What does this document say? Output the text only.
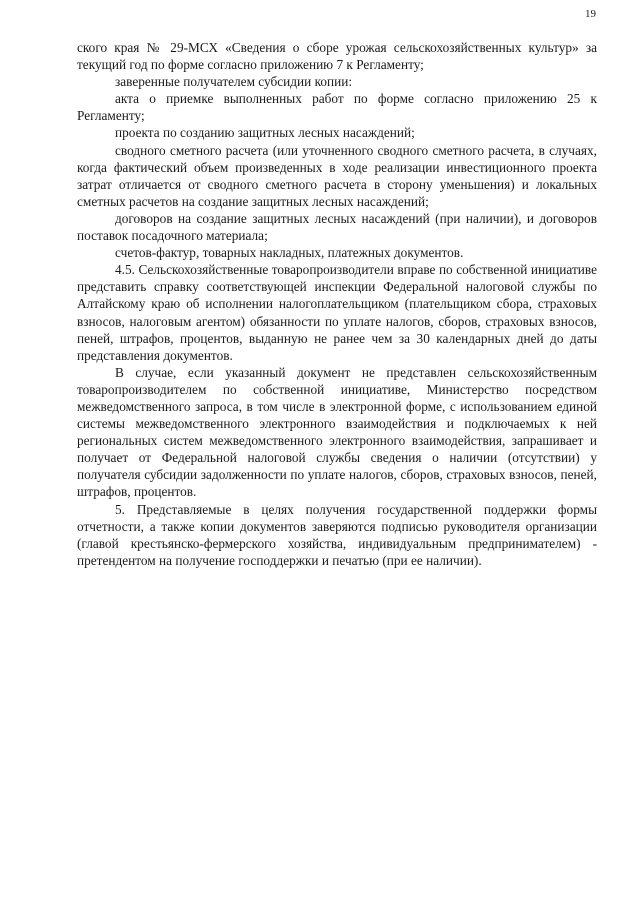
19

ского края № 29-МСХ «Сведения о сборе урожая сельскохозяйственных культур» за текущий год по форме согласно приложению 7 к Регламенту;

заверенные получателем субсидии копии:

акта о приемке выполненных работ по форме согласно приложению 25 к Регламенту;

проекта по созданию защитных лесных насаждений;

сводного сметного расчета (или уточненного сводного сметного расчета, в случаях, когда фактический объем произведенных в ходе реализации инвестиционного проекта затрат отличается от сводного сметного расчета в сторону уменьшения) и локальных сметных расчетов на создание защитных лесных насаждений;

договоров на создание защитных лесных насаждений (при наличии), и договоров поставок посадочного материала;

счетов-фактур, товарных накладных, платежных документов.

4.5. Сельскохозяйственные товаропроизводители вправе по собственной инициативе представить справку соответствующей инспекции Федеральной налоговой службы по Алтайскому краю об исполнении налогоплательщиком (плательщиком сбора, страховых взносов, налоговым агентом) обязанности по уплате налогов, сборов, страховых взносов, пеней, штрафов, процентов, выданную не ранее чем за 30 календарных дней до даты представления документов.

В случае, если указанный документ не представлен сельскохозяйственным товаропроизводителем по собственной инициативе, Министерство посредством межведомственного запроса, в том числе в электронной форме, с использованием единой системы межведомственного электронного взаимодействия и подключаемых к ней региональных систем межведомственного электронного взаимодействия, запрашивает и получает от Федеральной налоговой службы сведения о наличии (отсутствии) у получателя субсидии задолженности по уплате налогов, сборов, страховых взносов, пеней, штрафов, процентов.

5. Представляемые в целях получения государственной поддержки формы отчетности, а также копии документов заверяются подписью руководителя организации (главой крестьянско-фермерского хозяйства, индивидуальным предпринимателем) - претендентом на получение господдержки и печатью (при ее наличии).
